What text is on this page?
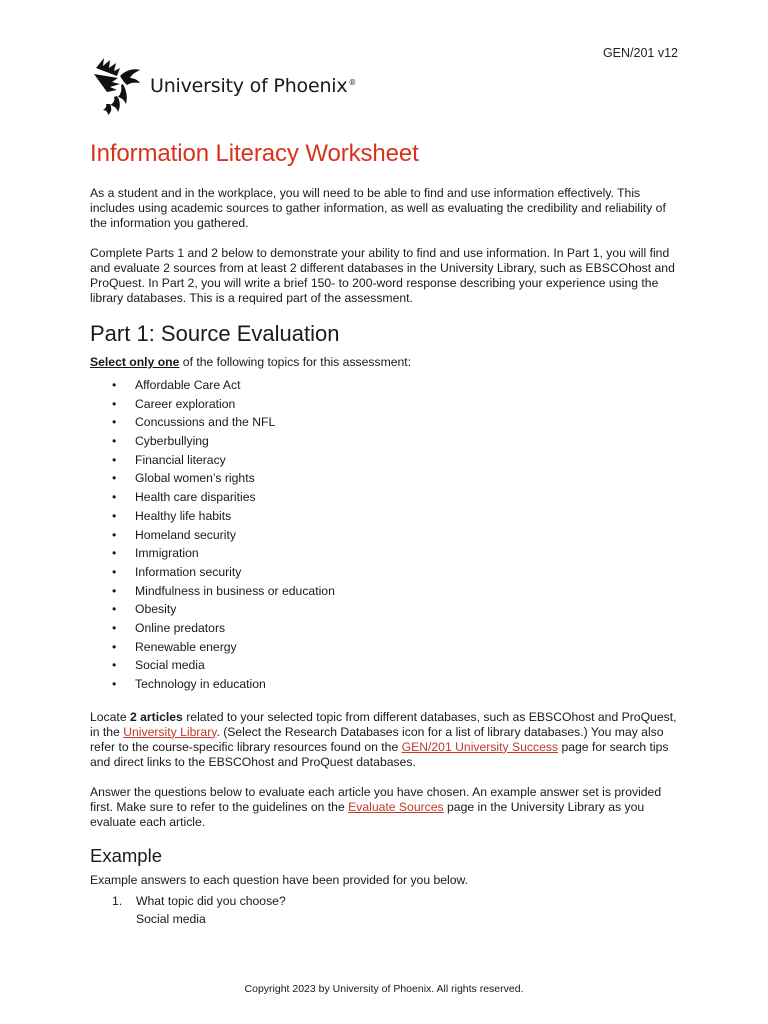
GEN/201 v12
University of Phoenix®
Information Literacy Worksheet

As a student and in the workplace, you will need to be able to find and use information effectively. This includes using academic sources to gather information, as well as evaluating the credibility and reliability of the information you gathered.

Complete Parts 1 and 2 below to demonstrate your ability to find and use information. In Part 1, you will find and evaluate 2 sources from at least 2 different databases in the University Library, such as EBSCOhost and ProQuest. In Part 2, you will write a brief 150- to 200-word response describing your experience using the library databases. This is a required part of the assessment.

Part 1: Source Evaluation

Select only one of the following topics for this assessment:

• Affordable Care Act
• Career exploration
• Concussions and the NFL
• Cyberbullying
• Financial literacy
• Global women’s rights
• Health care disparities
• Healthy life habits
• Homeland security
• Immigration
• Information security
• Mindfulness in business or education
• Obesity
• Online predators
• Renewable energy
• Social media
• Technology in education

Locate 2 articles related to your selected topic from different databases, such as EBSCOhost and ProQuest, in the University Library. (Select the Research Databases icon for a list of library databases.) You may also refer to the course-specific library resources found on the GEN/201 University Success page for search tips and direct links to the EBSCOhost and ProQuest databases.

Answer the questions below to evaluate each article you have chosen. An example answer set is provided first. Make sure to refer to the guidelines on the Evaluate Sources page in the University Library as you evaluate each article.

Example

Example answers to each question have been provided for you below.

1. What topic did you choose?
Social media
Copyright 2023 by University of Phoenix. All rights reserved.
